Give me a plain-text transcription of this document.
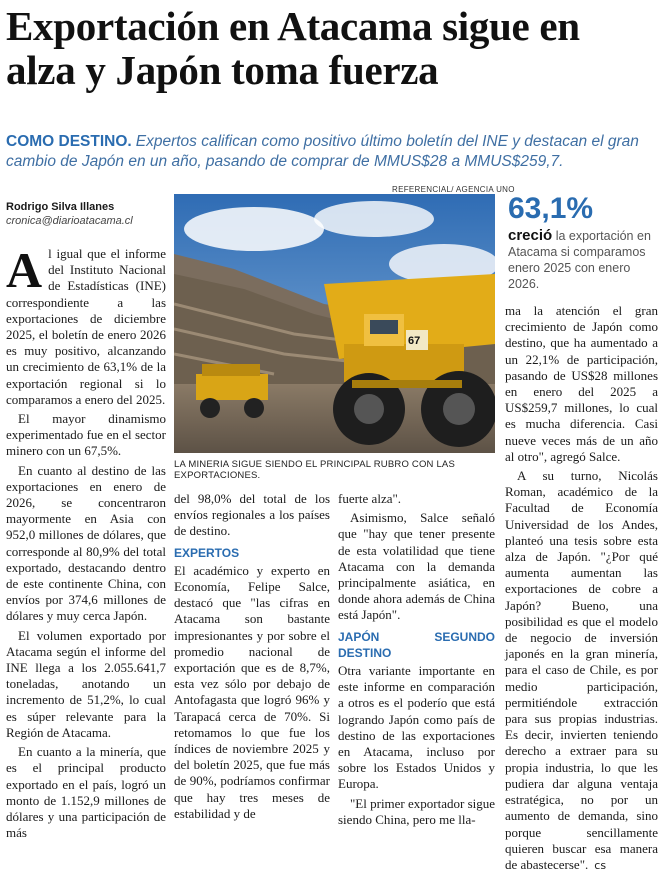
Exportación en Atacama sigue en alza y Japón toma fuerza

COMO DESTINO. Expertos califican como positivo último boletín del INE y destacan el gran cambio de Japón en un año, pasando de comprar de MMUS$28 a MMUS$259,7.

Rodrigo Silva Illanes
cronica@diarioatacama.cl
REFERENCIAL/ AGENCIA UNO
67
LA MINERIA SIGUE SIENDO EL PRINCIPAL RUBRO CON LAS EXPORTACIONES.
63,1%
creció la exportación en Atacama si comparamos enero 2025 con enero 2026.

Al igual que el informe del Instituto Nacional de Estadísticas (INE) correspondiente a las exportaciones de diciembre 2025, el boletín de enero 2026 es muy positivo, alcanzando un crecimiento de 63,1% de la exportación regional si lo comparamos a enero del 2025.

El mayor dinamismo experimentado fue en el sector minero con un 67,5%.

En cuanto al destino de las exportaciones en enero de 2026, se concentraron mayormente en Asia con 952,0 millones de dólares, que corresponde al 80,9% del total exportado, destacando dentro de este continente China, con envíos por 374,6 millones de dólares y muy cerca Japón.

El volumen exportado por Atacama según el informe del INE llega a los 2.055.641,7 toneladas, anotando un incremento de 51,2%, lo cual es súper relevante para la Región de Atacama.

En cuanto a la minería, que es el principal producto exportado en el país, logró un monto de 1.152,9 millones de dólares y una participación de más

del 98,0% del total de los envíos regionales a los países de destino.

EXPERTOS

El académico y experto en Economía, Felipe Salce, destacó que "las cifras en Atacama son bastante impresionantes y por sobre el promedio nacional de exportación que es de 8,7%, esta vez sólo por debajo de Antofagasta que logró 96% y Tarapacá cerca de 70%. Si retomamos lo que fue los índices de noviembre 2025 y del boletín 2025, que fue más de 90%, podríamos confirmar que hay tres meses de estabilidad y de

fuerte alza".

Asimismo, Salce señaló que "hay que tener presente de esta volatilidad que tiene Atacama con la demanda principalmente asiática, en donde ahora además de China está Japón".

JAPÓN SEGUNDO DESTINO

Otra variante importante en este informe en comparación a otros es el poderío que está logrando Japón como país de destino de las exportaciones en Atacama, incluso por sobre los Estados Unidos y Europa.

"El primer exportador sigue siendo China, pero me lla-

ma la atención el gran crecimiento de Japón como destino, que ha aumentado a un 22,1% de participación, pasando de US$28 millones en enero del 2025 a US$259,7 millones, lo cual es mucha diferencia. Casi nueve veces más de un año al otro", agregó Salce.

A su turno, Nicolás Roman, académico de la Facultad de Economía Universidad de los Andes, planteó una tesis sobre esta alza de Japón. "¿Por qué aumenta aumentan las exportaciones de cobre a Japón? Bueno, una posibilidad es que el modelo de negocio de inversión japonés en la gran minería, para el caso de Chile, es por medio participación, permitiéndole extracción para sus propias industrias. Es decir, invierten teniendo derecho a extraer para su propia industria, lo que les pudiera dar alguna ventaja estratégica, no por un aumento de demanda, sino porque sencillamente quieren buscar esa manera de abastecerse". cs
